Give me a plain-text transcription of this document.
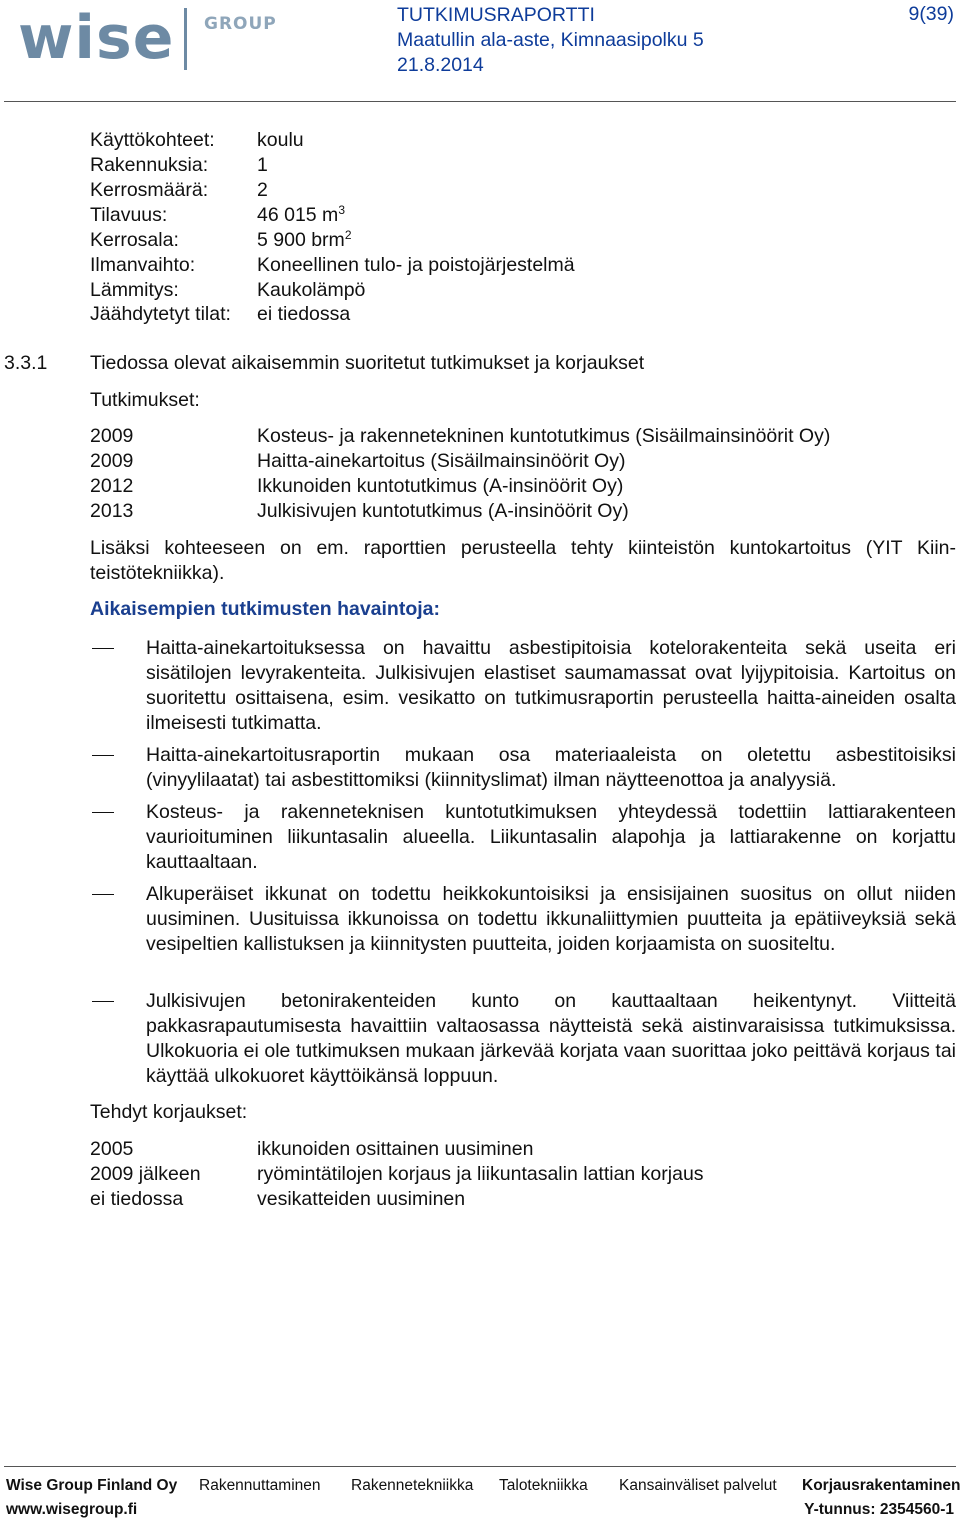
wise GROUP	TUTKIMUSRAPORTTI
Maatullin ala-aste, Kimnaasipolku 5
21.8.2014
9(39)
Käyttökohteet: koulu
Rakennuksia:	1
Kerrosmäärä:	2
Tilavuus:	46 015 $m^3$
Kerrosala:	5 900 brm$^2$
Ilmanvaihto:	Koneellinen tulo- ja poistojärjestelmä
Lämmitys:	Kaukolämpö
Jäähdytetyt tilat: ei tiedossa
3.3.1 Tiedossa olevat aikaisemmin suoritetut tutkimukset ja korjaukset
Tutkimukset:
2009	Kosteus- ja rakennetekninen kuntotutkimus (Sisäilmainsinöörit Oy)
2009	Haitta-ainekartoitus (Sisäilmainsinöörit Oy)
2012	Ikkunoiden kuntotutkimus (A-insinöörit Oy)
2013	Julkisivujen kuntotutkimus (A-insinöörit Oy)
Lisäksi kohteeseen on em. raporttien perusteella tehty kiinteistön kuntokartoitus (YIT Kiin-
teistötekniikka).
Aikaisempien tutkimusten havaintoja:
Haitta-ainekartoituksessa on havaittu asbestipitoisia kotelorakenteita sekä useita eri sisätilojen levyrakenteita. Julkisivujen elastiset saumamassat ovat lyijypitoisia. Kartoitus on suoritettu osittaisena, esim. vesikatto on tutkimusraportin perusteella haitta-aineiden osalta ilmeisesti tutkimatta.
Haitta-ainekartoitusraportin mukaan osa materiaaleista on oletettu asbestitoisiksi (vinyylilaatat) tai asbestittomiksi (kiinnityslimat) ilman näytteenottoa ja analyysiä.
Kosteus- ja rakenneteknisen kuntotutkimuksen yhteydessä todettiin lattiarakenteen vaurioituminen liikuntasalin alueella. Liikuntasalin alapohja ja lattiarakenne on korjattu kauttaaltaan.
Alkuperäiset ikkunat on todettu heikkokuntoisiksi ja ensisijainen suositus on ollut niiden uusiminen. Uusituissa ikkunoissa on todettu ikkunaliittymien puutteita ja epätiiveyksiä sekä vesipeltien kallistuksen ja kiinnitysten puutteita, joiden korjaamista on suositeltu.
Julkisivujen betonirakenteiden kunto on kauttaaltaan heikentynyt. Viitteitä pakkasrapautumisesta havaittiin valtaosassa näytteistä sekä aistinvaraisissa tutkimuksissa. Ulkokuoria ei ole tutkimuksen mukaan järkevää korjata vaan suorittaa joko peittävä korjaus tai käyttää ulkokuoret käyttöikänsä loppuun.
Tehdyt korjaukset:
2005	ikkunoiden osittainen uusiminen
2009 jälkeen	ryömintätilojen korjaus ja liikuntasalin lattian korjaus
ei tiedossa	vesikatteiden uusiminen
Wise Group Finland Oy Rakennuttaminen Rakennetekniikka Talotekniikka Kansainväliset palvelut Korjausrakentaminen
www.wisegroup.fi	Y-tunnus: 2354560-1
